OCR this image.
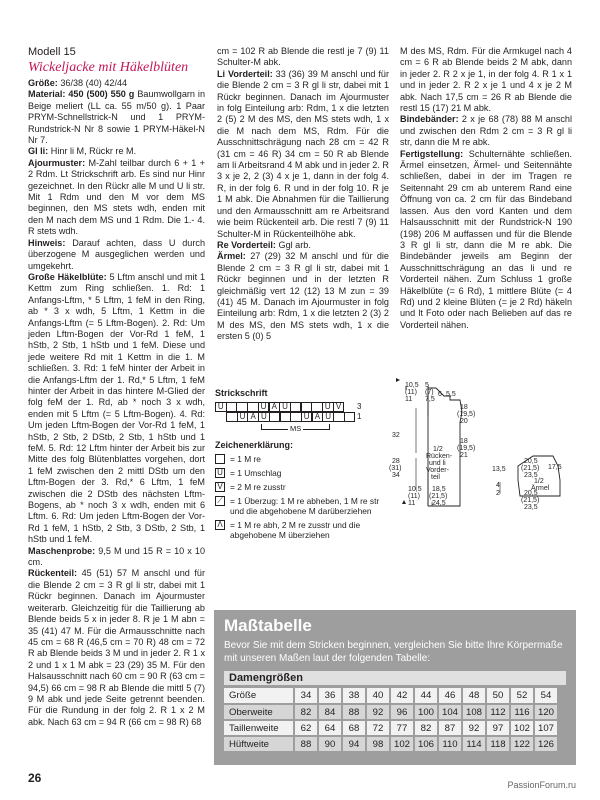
Modell 15
Wickeljacke mit Häkelblüten

Größe: 36/38 (40) 42/44

Material: 450 (500) 550 g Baumwollgarn in Beige meliert (LL ca. 55 m/50 g). 1 Paar PRYM-Schnellstrick-N und 1 PRYM-Rundstrick-N Nr 8 sowie 1 PRYM-Häkel-N Nr 7.

Gl li: Hinr li M, Rückr re M.

Ajourmuster: M-Zahl teilbar durch 6 + 1 + 2 Rdm. Lt Strickschrift arb. Es sind nur Hinr gezeichnet. In den Rückr alle M und U li str. Mit 1 Rdm und den M vor dem MS beginnen, den MS stets wdh, enden mit den M nach dem MS und 1 Rdm. Die 1.- 4. R stets wdh.

Hinweis: Darauf achten, dass U durch überzogene M ausgeglichen werden und umgekehrt.

Große Häkelblüte: 5 Lftm anschl und mit 1 Kettm zum Ring schließen. 1. Rd: 1 Anfangs-Lftm, * 5 Lftm, 1 feM in den Ring, ab * 3 x wdh, 5 Lftm, 1 Kettm in die Anfangs-Lftm (= 5 Lftm-Bogen). 2. Rd: Um jeden Lftm-Bogen der Vor-Rd 1 feM, 1 hStb, 2 Stb, 1 hStb und 1 feM. Diese und jede weitere Rd mit 1 Kettm in die 1. M schließen. 3. Rd: 1 feM hinter der Arbeit in die Anfangs-Lftm der 1. Rd,* 5 Lftm, 1 feM hinter der Arbeit in das hintere M-Glied der folg feM der 1. Rd, ab * noch 3 x wdh, enden mit 5 Lftm (= 5 Lftm-Bogen). 4. Rd: Um jeden Lftm-Bogen der Vor-Rd 1 feM, 1 hStb, 2 Stb, 2 DStb, 2 Stb, 1 hStb und 1 feM. 5. Rd: 12 Lftm hinter der Arbeit bis zur Mitte des folg Blütenblattes vorgehen, dort 1 feM zwischen den 2 mittl DStb um den Lftm-Bogen der 3. Rd,* 6 Lftm, 1 feM zwischen die 2 DStb des nächsten Lftm-Bogens, ab * noch 3 x wdh, enden mit 6 Lftm. 6. Rd: Um jeden Lftm-Bogen der Vor-Rd 1 feM, 1 hStb, 2 Stb, 3 DStb, 2 Stb, 1 hStb und 1 feM.

Maschenprobe: 9,5 M und 15 R = 10 x 10 cm.

Rückenteil: 45 (51) 57 M anschl und für die Blende 2 cm = 3 R gl li str, dabei mit 1 Rückr beginnen. Danach im Ajourmuster weiterarb. Gleichzeitig für die Taillierung ab Blende beids 5 x in jeder 8. R je 1 M abn = 35 (41) 47 M. Für die Armausschnitte nach 45 cm = 68 R (46,5 cm = 70 R) 48 cm = 72 R ab Blende beids 3 M und in jeder 2. R 1 x 2 und 1 x 1 M abk = 23 (29) 35 M. Für den Halsausschnitt nach 60 cm = 90 R (63 cm = 94,5) 66 cm = 98 R ab Blende die mittl 5 (7) 9 M abk und jede Seite getrennt beenden. Für die Rundung in der folg 2. R 1 x 2 M abk. Nach 63 cm = 94 R (66 cm = 98 R) 68

cm = 102 R ab Blende die restl je 7 (9) 11 Schulter-M abk.

Li Vorderteil: 33 (36) 39 M anschl und für die Blende 2 cm = 3 R gl li str, dabei mit 1 Rückr beginnen. Danach im Ajourmuster in folg Einteilung arb: Rdm, 1 x die letzten 2 (5) 2 M des MS, den MS stets wdh, 1 x die M nach dem MS, Rdm. Für die Ausschnittschrägung nach 28 cm = 42 R (31 cm = 46 R) 34 cm = 50 R ab Blende am li Arbeitsrand 4 M abk und in jeder 2. R 3 x je 2, 2 (3) 4 x je 1, dann in der folg 4. R, in der folg 6. R und in der folg 10. R je 1 M abk. Die Abnahmen für die Taillierung und den Armausschnitt am re Arbeitsrand wie beim Rückenteil arb. Die restl 7 (9) 11 Schulter-M in Rückenteilhöhe abk.

Re Vorderteil: Ggl arb.

Ärmel: 27 (29) 32 M anschl und für die Blende 2 cm = 3 R gl li str, dabei mit 1 Rückr beginnen und in der letzten R gleichmäßig vert 12 (12) 13 M zun = 39 (41) 45 M. Danach im Ajourmuster in folg Einteilung arb: Rdm, 1 x die letzten 2 (3) 2 M des MS, den MS stets wdh, 1 x die ersten 5 (0) 5

M des MS, Rdm. Für die Armkugel nach 4 cm = 6 R ab Blende beids 2 M abk, dann in jeder 2. R 2 x je 1, in der folg 4. R 1 x 1 und in jeder 2. R 2 x je 1 und 4 x je 2 M abk. Nach 17,5 cm = 26 R ab Blende die restl 15 (17) 21 M abk.

Bindebänder: 2 x je 68 (78) 88 M anschl und zwischen den Rdm 2 cm = 3 R gl li str, dann die M re abk.

Fertigstellung: Schulternähte schließen. Ärmel einsetzen, Ärmel- und Seitennähte schließen, dabei in der im Tragen re Seitennaht 29 cm ab unterem Rand eine Öffnung von ca. 2 cm für das Bindeband lassen. Aus den vord Kanten und dem Halsausschnitt mit der Rundstrick-N 190 (198) 206 M auffassen und für die Blende 3 R gl li str, dann die M re abk. Die Bindebänder jeweils am Beginn der Ausschnittschrägung an das li und re Vorderteil nähen. Zum Schluss 1 große Häkelblüte (= 6 Rd), 1 mittlere Blüte (= 4 Rd) und 2 kleine Blüten (= je 2 Rd) häkeln und lt Foto oder nach Belieben auf das re Vorderteil nähen.

Strickschrift
U	U A U	U V
U A U	U A U
3
1
MS
Zeichenerklärung:
= 1 M re
U = 1 Umschlag
V = 2 M re zusstr
⟋ = 1 Überzug: 1 M re abheben, 1 M re str und die abgehobene M darüberziehen
Λ = 1 M re abh, 2 M re zusstr und die abgehobene M überziehen
10,5
(11)
11
5
(7)
7,5
6 5,5
18
(19,5)
20
18
(19,5)
21
32
28
(31)
34
1/2
Rücken-
und li
Vorder-
teil
10,5
(11)
11
18,5
(21,5)
24,5
20,5
(21,5)
23,5
13,5	17,5
4
2
1/2
Ärmel
20,5
(21,5)
23,5
Maßtabelle
Bevor Sie mit dem Stricken beginnen, vergleichen Sie bitte Ihre Körpermaße mit unseren Maßen laut der folgenden Tabelle:
Damengrößen
Größe	34	36	38	40	42	44	46	48	50	52	54
Oberweite	82	84	88	92	96	100	104	108	112	116	120
Taillenweite	62	64	68	72	77	82	87	92	97	102	107
Hüftweite	88	90	94	98	102	106	110	114	118	122	126
26	PassionForum.ru
